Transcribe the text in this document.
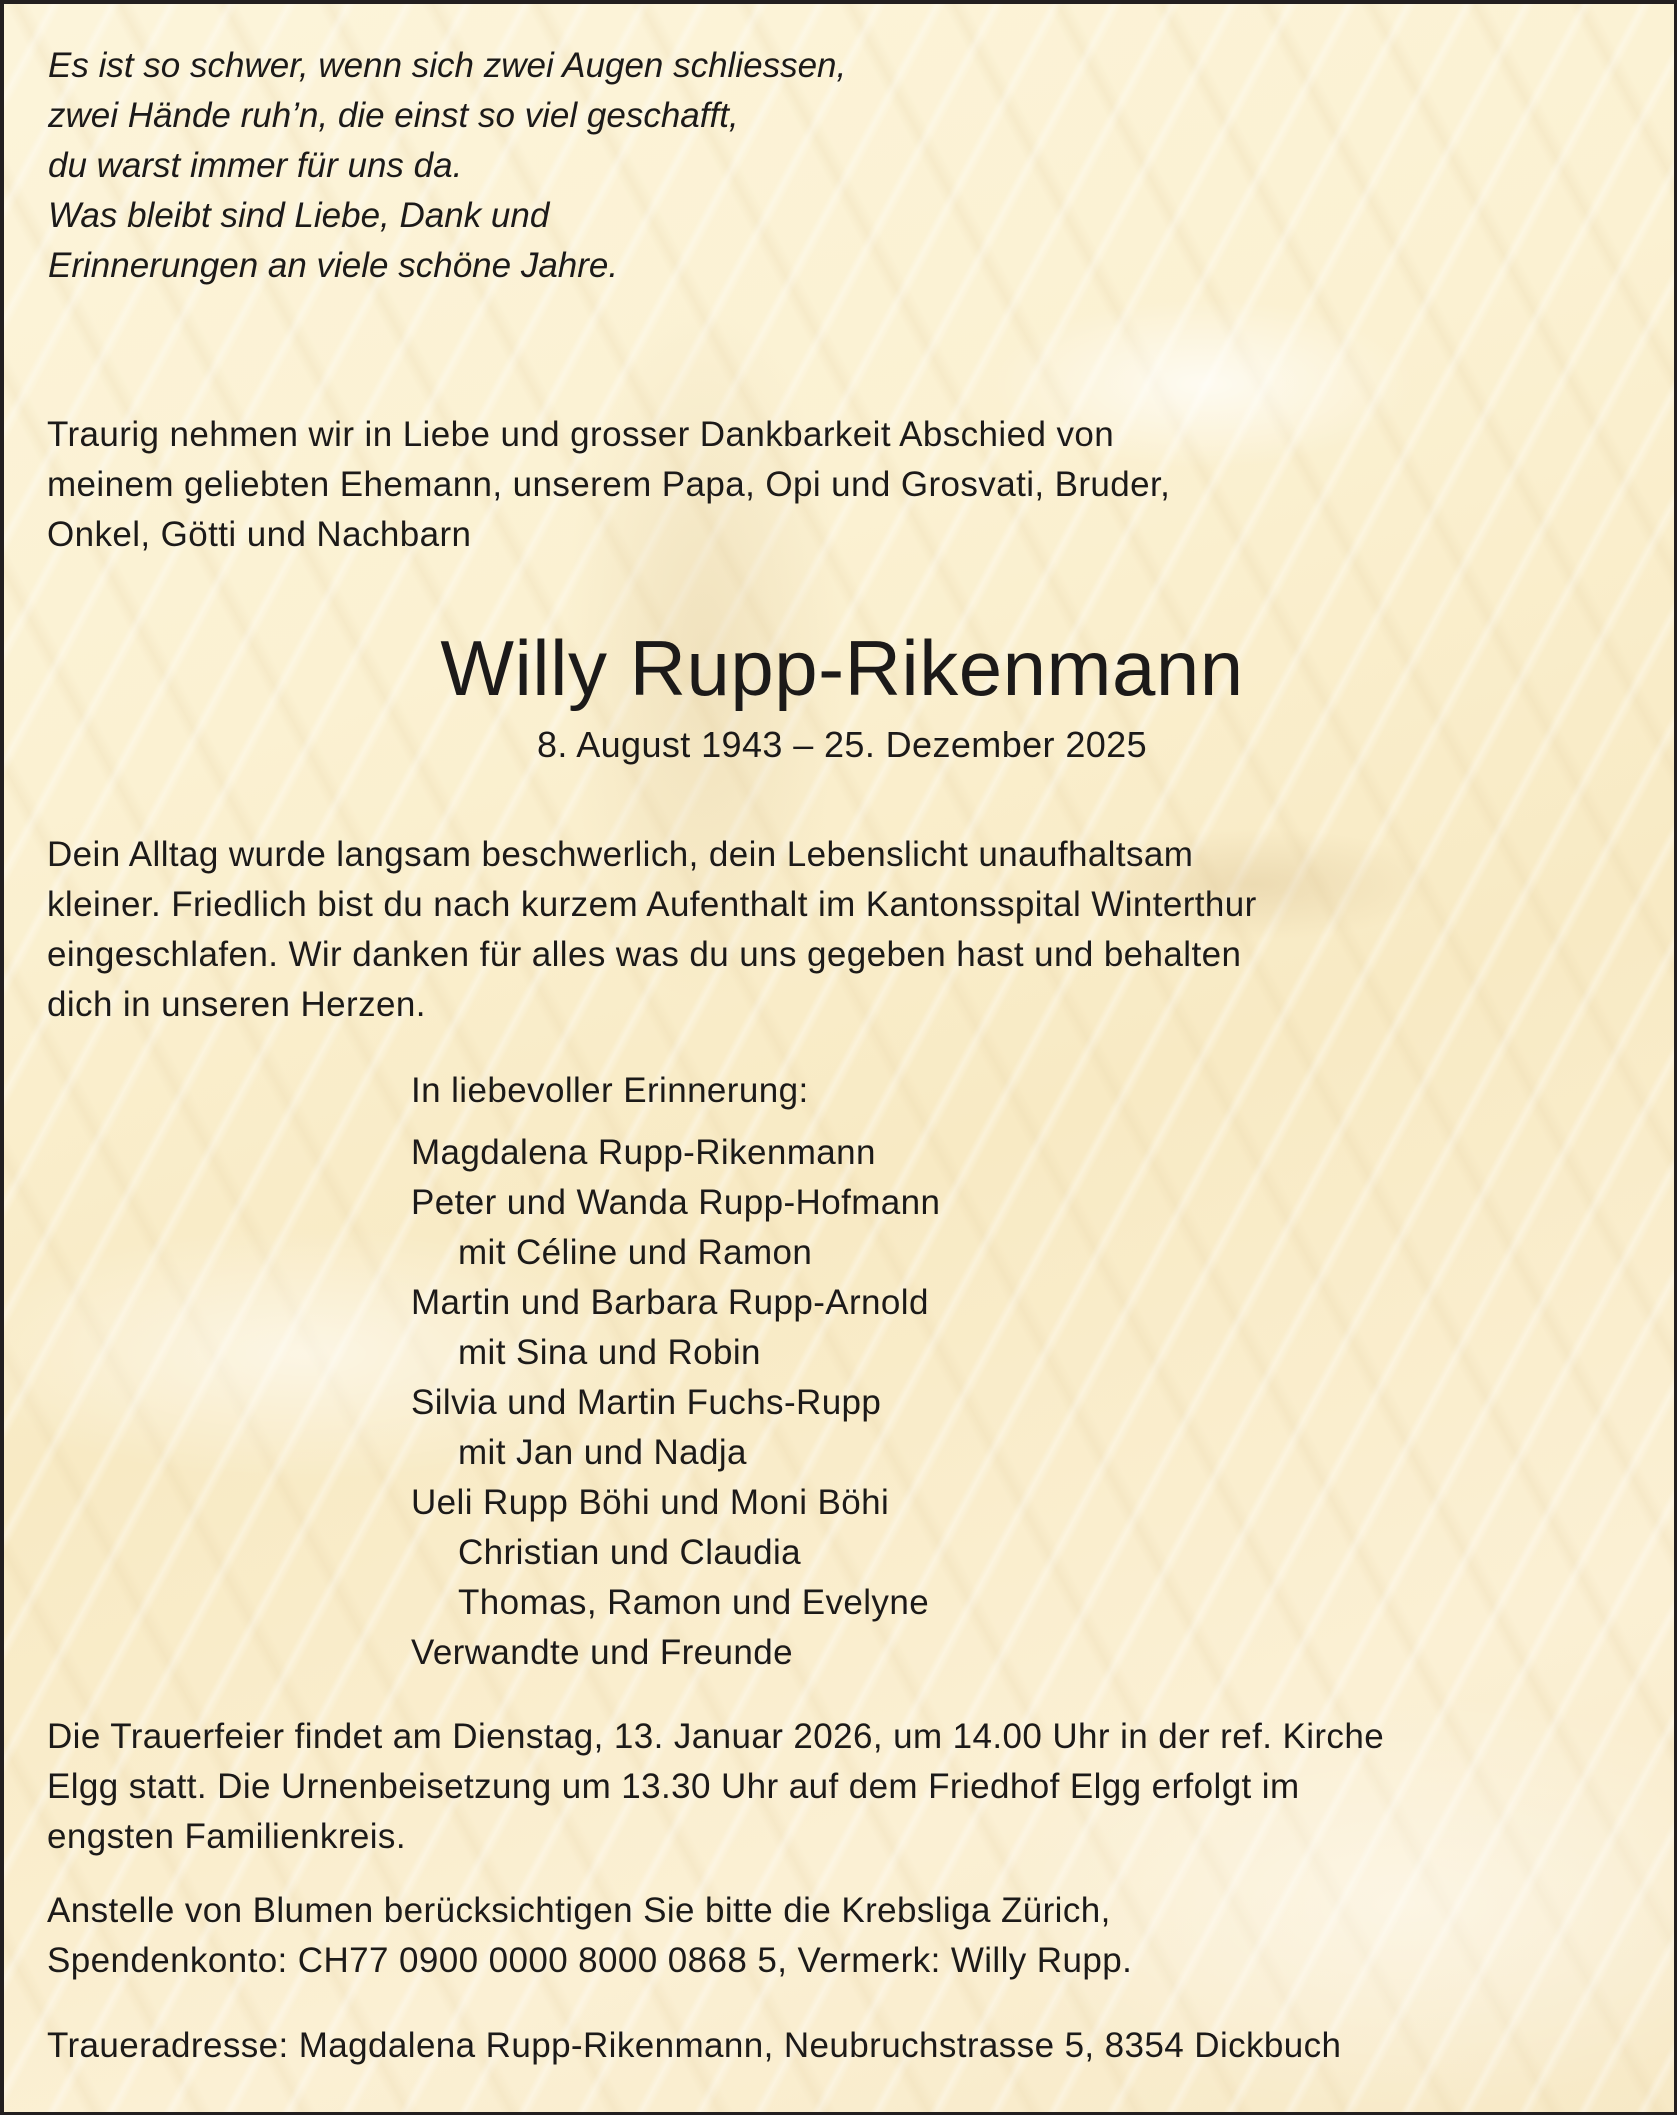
Es ist so schwer, wenn sich zwei Augen schliessen,
zwei Hände ruh’n, die einst so viel geschafft,
du warst immer für uns da.
Was bleibt sind Liebe, Dank und
Erinnerungen an viele schöne Jahre.
Traurig nehmen wir in Liebe und grosser Dankbarkeit Abschied von
meinem geliebten Ehemann, unserem Papa, Opi und Grosvati, Bruder,
Onkel, Götti und Nachbarn
Willy Rupp-Rikenmann
8. August 1943 – 25. Dezember 2025
Dein Alltag wurde langsam beschwerlich, dein Lebenslicht unaufhaltsam
kleiner. Friedlich bist du nach kurzem Aufenthalt im Kantonsspital Winterthur
eingeschlafen. Wir danken für alles was du uns gegeben hast und behalten
dich in unseren Herzen.
In liebevoller Erinnerung:
Magdalena Rupp-Rikenmann
Peter und Wanda Rupp-Hofmann
mit Céline und Ramon
Martin und Barbara Rupp-Arnold
mit Sina und Robin
Silvia und Martin Fuchs-Rupp
mit Jan und Nadja
Ueli Rupp Böhi und Moni Böhi
Christian und Claudia
Thomas, Ramon und Evelyne
Verwandte und Freunde
Die Trauerfeier findet am Dienstag, 13. Januar 2026, um 14.00 Uhr in der ref. Kirche
Elgg statt. Die Urnenbeisetzung um 13.30 Uhr auf dem Friedhof Elgg erfolgt im
engsten Familienkreis.
Anstelle von Blumen berücksichtigen Sie bitte die Krebsliga Zürich,
Spendenkonto: CH77 0900 0000 8000 0868 5, Vermerk: Willy Rupp.
Traueradresse: Magdalena Rupp-Rikenmann, Neubruchstrasse 5, 8354 Dickbuch
